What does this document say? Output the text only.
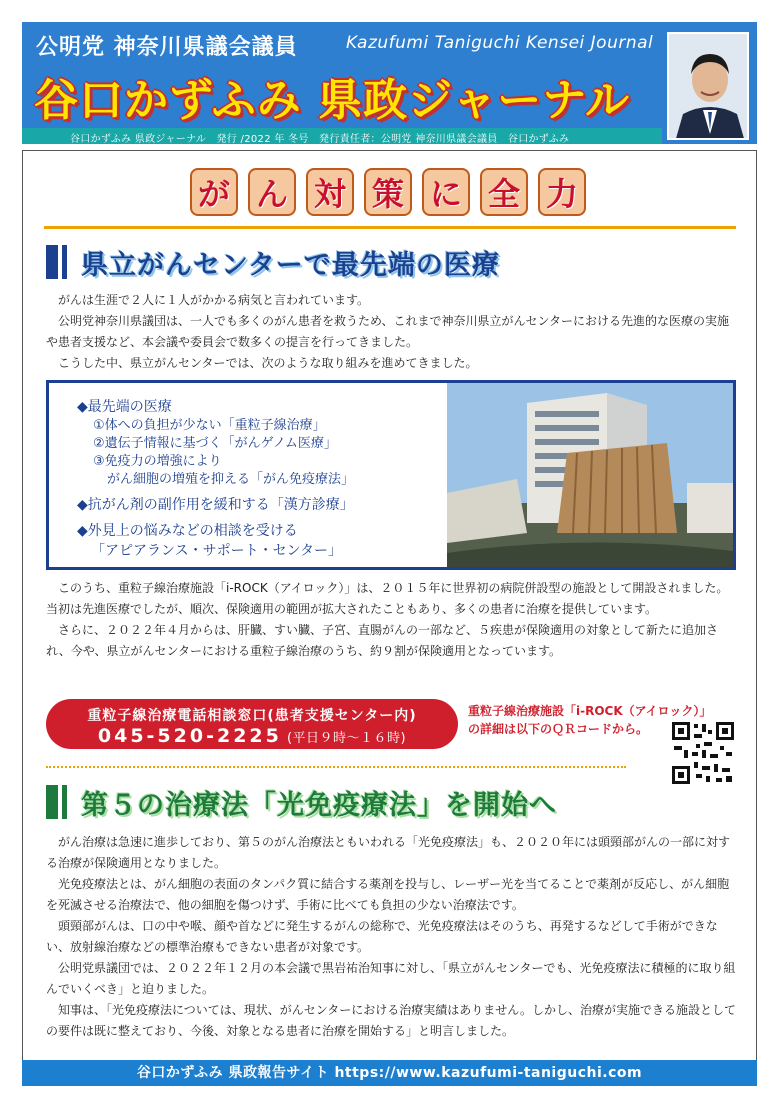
公明党 神奈川県議会議員	Kazufumi Taniguchi Kensei Journal
谷口かずふみ 県政ジャーナル
谷口かずふみ 県政ジャーナル　発行 /2022 年 冬号　発行責任者：公明党 神奈川県議会議員　谷口かずふみ
が ん 対 策 に 全 力
県立がんセンターで最先端の医療

がんは生涯で２人に１人がかかる病気と言われています。

公明党神奈川県議団は、一人でも多くのがん患者を救うため、これまで神奈川県立がんセンターにおける先進的な医療の実施や患者支援など、本会議や委員会で数多くの提言を行ってきました。

こうした中、県立がんセンターでは、次のような取り組みを進めてきました。

◆最先端の医療
①体への負担が少ない「重粒子線治療」
②遺伝子情報に基づく「がんゲノム医療」
③免疫力の増強により
がん細胞の増殖を抑える「がん免疫療法」
◆抗がん剤の副作用を緩和する「漢方診療」
◆外見上の悩みなどの相談を受ける
「アピアランス・サポート・センター」

このうち、重粒子線治療施設「i-ROCK（アイロック）」は、２０１５年に世界初の病院併設型の施設として開設されました。当初は先進医療でしたが、順次、保険適用の範囲が拡大されたこともあり、多くの患者に治療を提供しています。

さらに、２０２２年４月からは、肝臓、すい臓、子宮、直腸がんの一部など、５疾患が保険適用の対象として新たに追加され、今や、県立がんセンターにおける重粒子線治療のうち、約９割が保険適用となっています。

重粒子線治療電話相談窓口(患者支援センター内)
045-520-2225 (平日９時～１６時)
重粒子線治療施設「i-ROCK（アイロック）」
の詳細は以下のＱＲコードから。
第５の治療法「光免疫療法」を開始へ

がん治療は急速に進歩しており、第５のがん治療法ともいわれる「光免疫療法」も、２０２０年には頭頸部がんの一部に対する治療が保険適用となりました。

光免疫療法とは、がん細胞の表面のタンパク質に結合する薬剤を投与し、レーザー光を当てることで薬剤が反応し、がん細胞を死滅させる治療法で、他の細胞を傷つけず、手術に比べても負担の少ない治療法です。

頭頸部がんは、口の中や喉、顔や首などに発生するがんの総称で、光免疫療法はそのうち、再発するなどして手術ができない、放射線治療などの標準治療もできない患者が対象です。

公明党県議団では、２０２２年１２月の本会議で黒岩祐治知事に対し、「県立がんセンターでも、光免疫療法に積極的に取り組んでいくべき」と迫りました。

知事は、「光免疫療法については、現状、がんセンターにおける治療実績はありません。しかし、治療が実施できる施設としての要件は既に整えており、今後、対象となる患者に治療を開始する」と明言しました。

谷口かずふみ 県政報告サイト https://www.kazufumi-taniguchi.com
